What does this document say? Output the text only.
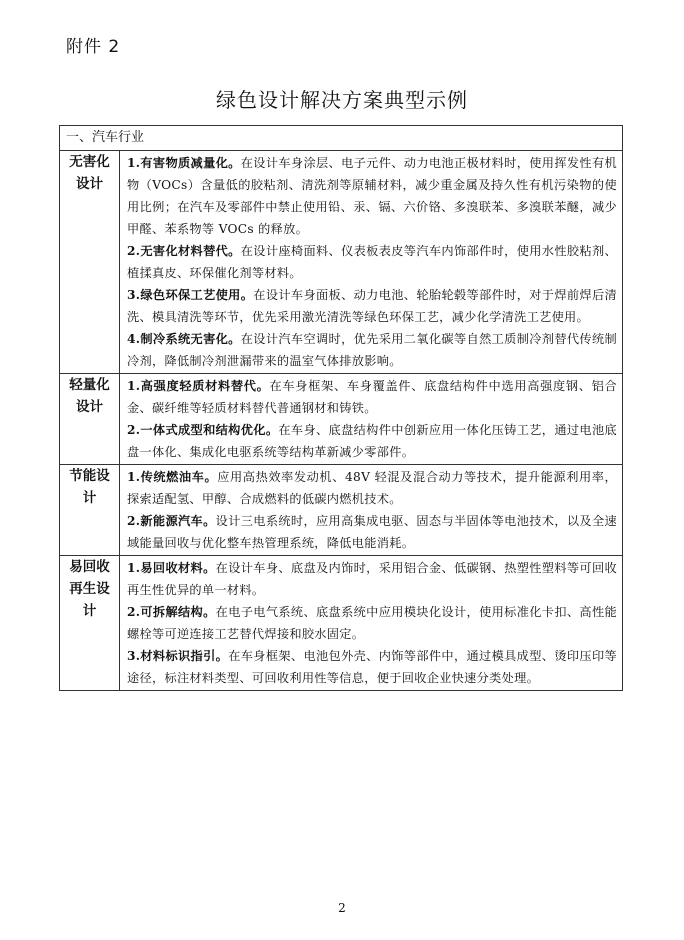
附件 2
绿色设计解决方案典型示例
一、汽车行业	
无害化设计	1.有害物质减量化。在设计车身涂层、电子元件、动力电池正极材料时，使用挥发性有机物（VOCs）含量低的胶粘剂、清洗剂等原辅材料，减少重金属及持久性有机污染物的使用比例；在汽车及零部件中禁止使用铅、汞、镉、六价铬、多溴联苯、多溴联苯醚，减少甲醛、苯系物等 VOCs 的释放。
2.无害化材料替代。在设计座椅面料、仪表板表皮等汽车内饰部件时，使用水性胶粘剂、植揉真皮、环保催化剂等材料。
3.绿色环保工艺使用。在设计车身面板、动力电池、轮胎轮毂等部件时，对于焊前焊后清洗、模具清洗等环节，优先采用激光清洗等绿色环保工艺，减少化学清洗工艺使用。
4.制冷系统无害化。在设计汽车空调时，优先采用二氧化碳等自然工质制冷剂替代传统制冷剂，降低制冷剂泄漏带来的温室气体排放影响。

轻量化设计	1.高强度轻质材料替代。在车身框架、车身覆盖件、底盘结构件中选用高强度钢、铝合金、碳纤维等轻质材料替代普通钢材和铸铁。
2.一体式成型和结构优化。在车身、底盘结构件中创新应用一体化压铸工艺，通过电池底盘一体化、集成化电驱系统等结构革新减少零部件。

节能设计	1.传统燃油车。应用高热效率发动机、48V 轻混及混合动力等技术，提升能源利用率，探索适配氢、甲醇、合成燃料的低碳内燃机技术。
2.新能源汽车。设计三电系统时，应用高集成电驱、固态与半固体等电池技术，以及全速域能量回收与优化整车热管理系统，降低电能消耗。

易回收再生设计	1.易回收材料。在设计车身、底盘及内饰时，采用铝合金、低碳钢、热塑性塑料等可回收再生性优异的单一材料。
2.可拆解结构。在电子电气系统、底盘系统中应用模块化设计，使用标准化卡扣、高性能螺栓等可逆连接工艺替代焊接和胶水固定。
3.材料标识指引。在车身框架、电池包外壳、内饰等部件中，通过模具成型、烫印压印等途径，标注材料类型、可回收利用性等信息，便于回收企业快速分类处理。
2
